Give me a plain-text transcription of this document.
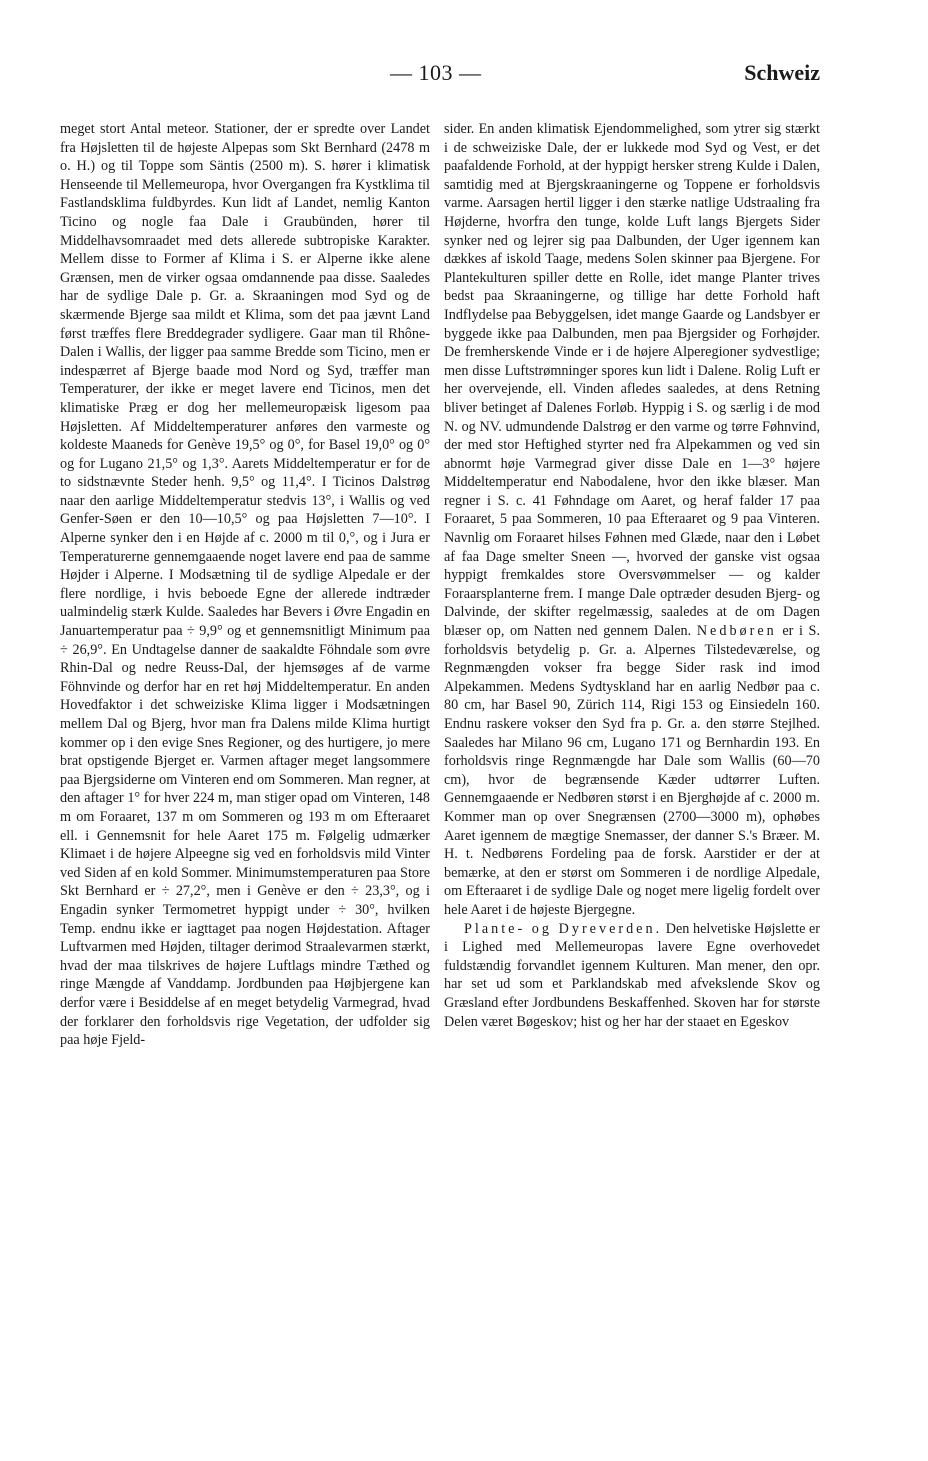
— 103 —	Schweiz

meget stort Antal meteor. Stationer, der er spredte over Landet fra Højsletten til de højeste Alpepas som Skt Bernhard (2478 m o. H.) og til Toppe som Säntis (2500 m). S. hører i klimatisk Henseende til Mellemeuropa, hvor Overgangen fra Kystklima til Fastlandsklima fuldbyrdes. Kun lidt af Landet, nemlig Kanton Ticino og nogle faa Dale i Graubünden, hører til Middelhavsomraadet med dets allerede subtropiske Karakter. Mellem disse to Former af Klima i S. er Alperne ikke alene Grænsen, men de virker ogsaa omdannende paa disse. Saaledes har de sydlige Dale p. Gr. a. Skraaningen mod Syd og de skærmende Bjerge saa mildt et Klima, som det paa jævnt Land først træffes flere Breddegrader sydligere. Gaar man til Rhône-Dalen i Wallis, der ligger paa samme Bredde som Ticino, men er indespærret af Bjerge baade mod Nord og Syd, træffer man Temperaturer, der ikke er meget lavere end Ticinos, men det klimatiske Præg er dog her mellemeuropæisk ligesom paa Højsletten. Af Middeltemperaturer anføres den varmeste og koldeste Maaneds for Genève 19,5° og 0°, for Basel 19,0° og 0° og for Lugano 21,5° og 1,3°. Aarets Middeltemperatur er for de to sidstnævnte Steder henh. 9,5° og 11,4°. I Ticinos Dalstrøg naar den aarlige Middeltemperatur stedvis 13°, i Wallis og ved Genfer-Søen er den 10—10,5° og paa Højsletten 7—10°. I Alperne synker den i en Højde af c. 2000 m til 0,°, og i Jura er Temperaturerne gennemgaaende noget lavere end paa de samme Højder i Alperne. I Modsætning til de sydlige Alpedale er der flere nordlige, i hvis beboede Egne der allerede indtræder ualmindelig stærk Kulde. Saaledes har Bevers i Øvre Engadin en Januartemperatur paa ÷ 9,9° og et gennemsnitligt Minimum paa ÷ 26,9°. En Undtagelse danner de saakaldte Föhndale som øvre Rhin-Dal og nedre Reuss-Dal, der hjemsøges af de varme Föhnvinde og derfor har en ret høj Middeltemperatur. En anden Hovedfaktor i det schweiziske Klima ligger i Modsætningen mellem Dal og Bjerg, hvor man fra Dalens milde Klima hurtigt kommer op i den evige Snes Regioner, og des hurtigere, jo mere brat opstigende Bjerget er. Varmen aftager meget langsommere paa Bjergsiderne om Vinteren end om Sommeren. Man regner, at den aftager 1° for hver 224 m, man stiger opad om Vinteren, 148 m om Foraaret, 137 m om Sommeren og 193 m om Efteraaret ell. i Gennemsnit for hele Aaret 175 m. Følgelig udmærker Klimaet i de højere Alpeegne sig ved en forholdsvis mild Vinter ved Siden af en kold Sommer. Minimumstemperaturen paa Store Skt Bernhard er ÷ 27,2°, men i Genève er den ÷ 23,3°, og i Engadin synker Termometret hyppigt under ÷ 30°, hvilken Temp. endnu ikke er iagttaget paa nogen Højdestation. Aftager Luftvarmen med Højden, tiltager derimod Straalevarmen stærkt, hvad der maa tilskrives de højere Luftlags mindre Tæthed og ringe Mængde af Vanddamp. Jordbunden paa Højbjergene kan derfor være i Besiddelse af en meget betydelig Varmegrad, hvad der forklarer den forholdsvis rige Vegetation, der udfolder sig paa høje Fjeld-

sider. En anden klimatisk Ejendommelighed, som ytrer sig stærkt i de schweiziske Dale, der er lukkede mod Syd og Vest, er det paafaldende Forhold, at der hyppigt hersker streng Kulde i Dalen, samtidig med at Bjergskraaningerne og Toppene er forholdsvis varme. Aarsagen hertil ligger i den stærke natlige Udstraaling fra Højderne, hvorfra den tunge, kolde Luft langs Bjergets Sider synker ned og lejrer sig paa Dalbunden, der Uger igennem kan dækkes af iskold Taage, medens Solen skinner paa Bjergene. For Plantekulturen spiller dette en Rolle, idet mange Planter trives bedst paa Skraaningerne, og tillige har dette Forhold haft Indflydelse paa Bebyggelsen, idet mange Gaarde og Landsbyer er byggede ikke paa Dalbunden, men paa Bjergsider og Forhøjder. De fremherskende Vinde er i de højere Alperegioner sydvestlige; men disse Luftstrømninger spores kun lidt i Dalene. Rolig Luft er her overvejende, ell. Vinden afledes saaledes, at dens Retning bliver betinget af Dalenes Forløb. Hyppig i S. og særlig i de mod N. og NV. udmundende Dalstrøg er den varme og tørre Føhnvind, der med stor Heftighed styrter ned fra Alpekammen og ved sin abnormt høje Varmegrad giver disse Dale en 1—3° højere Middeltemperatur end Nabodalene, hvor den ikke blæser. Man regner i S. c. 41 Føhndage om Aaret, og heraf falder 17 paa Foraaret, 5 paa Sommeren, 10 paa Efteraaret og 9 paa Vinteren. Navnlig om Foraaret hilses Føhnen med Glæde, naar den i Løbet af faa Dage smelter Sneen —, hvorved der ganske vist ogsaa hyppigt fremkaldes store Oversvømmelser — og kalder Foraarsplanterne frem. I mange Dale optræder desuden Bjerg- og Dalvinde, der skifter regelmæssig, saaledes at de om Dagen blæser op, om Natten ned gennem Dalen. Nedbøren er i S. forholdsvis betydelig p. Gr. a. Alpernes Tilstedeværelse, og Regnmængden vokser fra begge Sider rask ind imod Alpekammen. Medens Sydtyskland har en aarlig Nedbør paa c. 80 cm, har Basel 90, Zürich 114, Rigi 153 og Einsiedeln 160. Endnu raskere vokser den Syd fra p. Gr. a. den større Stejlhed. Saaledes har Milano 96 cm, Lugano 171 og Bernhardin 193. En forholdsvis ringe Regnmængde har Dale som Wallis (60—70 cm), hvor de begrænsende Kæder udtørrer Luften. Gennemgaaende er Nedbøren størst i en Bjerghøjde af c. 2000 m. Kommer man op over Snegrænsen (2700—3000 m), ophøbes Aaret igennem de mægtige Snemasser, der danner S.'s Bræer. M. H. t. Nedbørens Fordeling paa de forsk. Aarstider er der at bemærke, at den er størst om Sommeren i de nordlige Alpedale, om Efteraaret i de sydlige Dale og noget mere ligelig fordelt over hele Aaret i de højeste Bjergegne.

Plante- og Dyreverden. Den helvetiske Højslette er i Lighed med Mellemeuropas lavere Egne overhovedet fuldstændig forvandlet igennem Kulturen. Man mener, den opr. har set ud som et Parklandskab med afvekslende Skov og Græsland efter Jordbundens Beskaffenhed. Skoven har for største Delen været Bøgeskov; hist og her har der staaet en Egeskov
